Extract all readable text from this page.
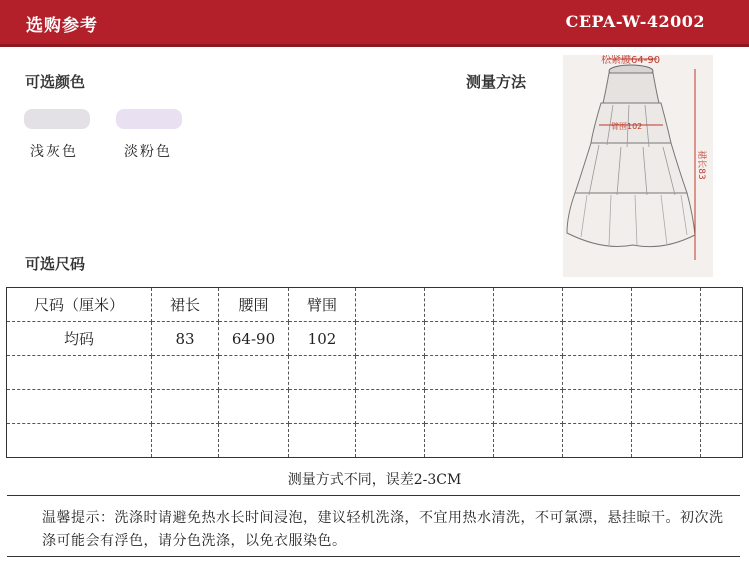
选购参考	CEPA-W-42002
可选颜色
浅灰色	淡粉色
测量方法
松紧腰64-90
臂围102
裙长83
可选尺码
尺码（厘米）	裙长	腰围	臂围						
均码	83	64-90	102						

测量方式不同，误差2-3CM
温馨提示：洗涤时请避免热水长时间浸泡，建议轻机洗涤，不宜用热水清洗，不可氯漂，悬挂晾干。初次洗涤可能会有浮色，请分色洗涤，以免衣服染色。
